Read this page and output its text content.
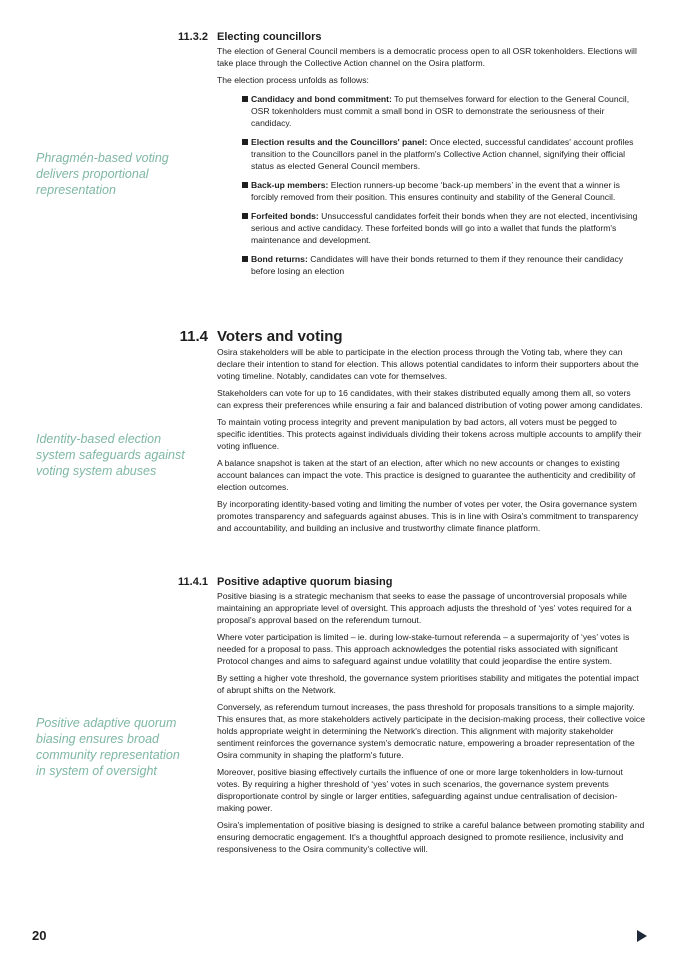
Phragmén-based voting delivers proportional representation

Identity-based election system safeguards against voting system abuses

Positive adaptive quorum biasing ensures broad community representation in system of oversight

11.3.2 Electing councillors

The election of General Council members is a democratic process open to all OSR tokenholders. Elections will take place through the Collective Action channel on the Osira platform.

The election process unfolds as follows:

Candidacy and bond commitment: To put themselves forward for election to the General Council, OSR tokenholders must commit a small bond in OSR to demonstrate the seriousness of their candidacy.
Election results and the Councillors' panel: Once elected, successful candidates' account profiles transition to the Councillors panel in the platform's Collective Action channel, signifying their official status as elected General Council members.
Back-up members: Election runners-up become ‘back-up members’ in the event that a winner is forcibly removed from their position. This ensures continuity and stability of the General Council.
Forfeited bonds: Unsuccessful candidates forfeit their bonds when they are not elected, incentivising serious and active candidacy. These forfeited bonds will go into a wallet that funds the platform's maintenance and development.
Bond returns: Candidates will have their bonds returned to them if they renounce their candidacy before losing an election
11.4 Voters and voting

Osira stakeholders will be able to participate in the election process through the Voting tab, where they can declare their intention to stand for election. This allows potential candidates to inform their supporters about the voting timeline. Notably, candidates can vote for themselves.

Stakeholders can vote for up to 16 candidates, with their stakes distributed equally among them all, so voters can express their preferences while ensuring a fair and balanced distribution of voting power among candidates.

To maintain voting process integrity and prevent manipulation by bad actors, all voters must be pegged to specific identities. This protects against individuals dividing their tokens across multiple accounts to amplify their voting influence.

A balance snapshot is taken at the start of an election, after which no new accounts or changes to existing account balances can impact the vote. This practice is designed to guarantee the authenticity and credibility of election outcomes.

By incorporating identity-based voting and limiting the number of votes per voter, the Osira governance system promotes transparency and safeguards against abuses. This is in line with Osira's commitment to transparency and accountability, and building an inclusive and trustworthy climate finance platform.

11.4.1 Positive adaptive quorum biasing

Positive biasing is a strategic mechanism that seeks to ease the passage of uncontroversial proposals while maintaining an appropriate level of oversight. This approach adjusts the threshold of ‘yes’ votes required for a proposal's approval based on the referendum turnout.

Where voter participation is limited – ie. during low-stake-turnout referenda – a supermajority of ‘yes’ votes is needed for a proposal to pass. This approach acknowledges the potential risks associated with significant Protocol changes and aims to safeguard against undue volatility that could jeopardise the entire system.

By setting a higher vote threshold, the governance system prioritises stability and mitigates the potential impact of abrupt shifts on the Network.

Conversely, as referendum turnout increases, the pass threshold for proposals transitions to a simple majority. This ensures that, as more stakeholders actively participate in the decision-making process, their collective voice holds appropriate weight in determining the Network's direction. This alignment with majority stakeholder sentiment reinforces the governance system's democratic nature, empowering a broader representation of the Osira community in shaping the platform's future.

Moreover, positive biasing effectively curtails the influence of one or more large tokenholders in low-turnout votes. By requiring a higher threshold of ‘yes’ votes in such scenarios, the governance system prevents disproportionate control by single or larger entities, safeguarding against undue centralisation of decision-making power.

Osira's implementation of positive biasing is designed to strike a careful balance between promoting stability and ensuring democratic engagement. It's a thoughtful approach designed to promote resilience, inclusivity and responsiveness to the Osira community's collective will.

20
